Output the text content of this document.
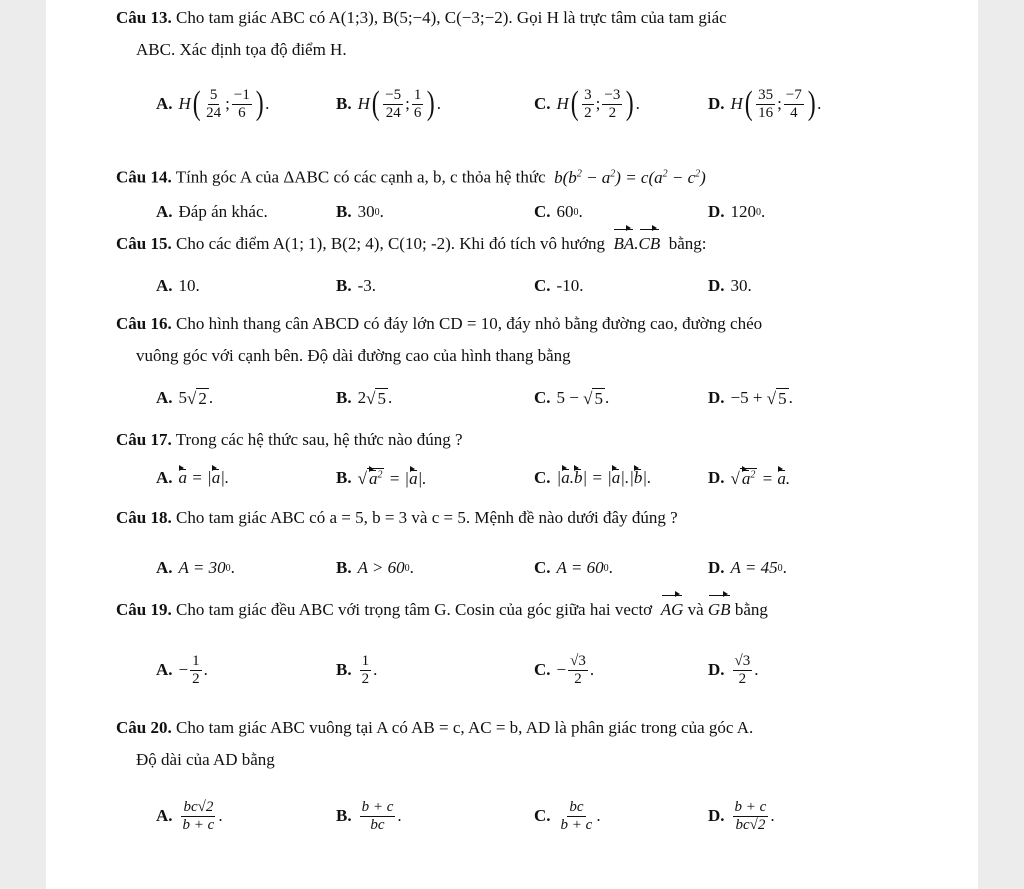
Câu 13. Cho tam giác ABC có A(1;3), B(5;−4), C(−3;−2). Gọi H là trực tâm của tam giác
ABC. Xác định tọa độ điểm H.
A. H ( $\frac{5}{24}$ ; $\frac{-1}{6}$ ) .	B. H ( $\frac{-5}{24}$ ; $\frac{1}{6}$ ) .	C. H ( $\frac{3}{2}$ ; $\frac{-3}{2}$ ) .	D. H ( $\frac{35}{16}$ ; $\frac{-7}{4}$ ) .
Câu 14. Tính góc A của ΔABC có các cạnh a, b, c thỏa hệ thức  $b(b^2 - a^2) = c(a^2 - c^2)$
A. Đáp án khác.	B. 30 0 .	C. 60 0 .	D. 120 0 .
Câu 15. Cho các điểm A(1; 1), B(2; 4), C(10; -2). Khi đó tích vô hướng BA.CB bằng:
A. 10.	B. -3.	C. -10.	D. 30.
Câu 16. Cho hình thang cân ABCD có đáy lớn CD = 10, đáy nhỏ bằng đường cao, đường chéo
vuông góc với cạnh bên. Độ dài đường cao của hình thang bằng
A. 5 √ 2 .	B. 2 √ 5 .	C. 5 −
√ 5 .	D. −5 +
√ 5 .
Câu 17. Trong các hệ thức sau, hệ thức nào đúng ?
A. a = |a|.	B. √ $a^2 = |a|$.	C. |a.b| = |a|.|b|.	D. √ $a^2 = a$.
Câu 18. Cho tam giác ABC có a = 5, b = 3 và c = 5. Mệnh đề nào dưới đây đúng ?
A. A = 30 0 .	B. A > 60 0 .	C. A = 60 0 .	D. A = 45 0 .
Câu 19. Cho tam giác đều ABC với trọng tâm G. Cosin của góc giữa hai vectơ AG và GB bằng
A. − $\frac{1}{2}$ .	B. $\frac{1}{2}$ .	C. − $\frac{√3}{2}$ .	D. $\frac{√3}{2}$ .
Câu 20. Cho tam giác ABC vuông tại A có AB = c, AC = b, AD là phân giác trong của góc A.
Độ dài của AD bằng
A. $\frac{bc√2}{b + c}$ .	B. $\frac{b + c}{bc}$ .	C. $\frac{bc}{b + c}$ .	D. $\frac{b + c}{bc√2}$ .
